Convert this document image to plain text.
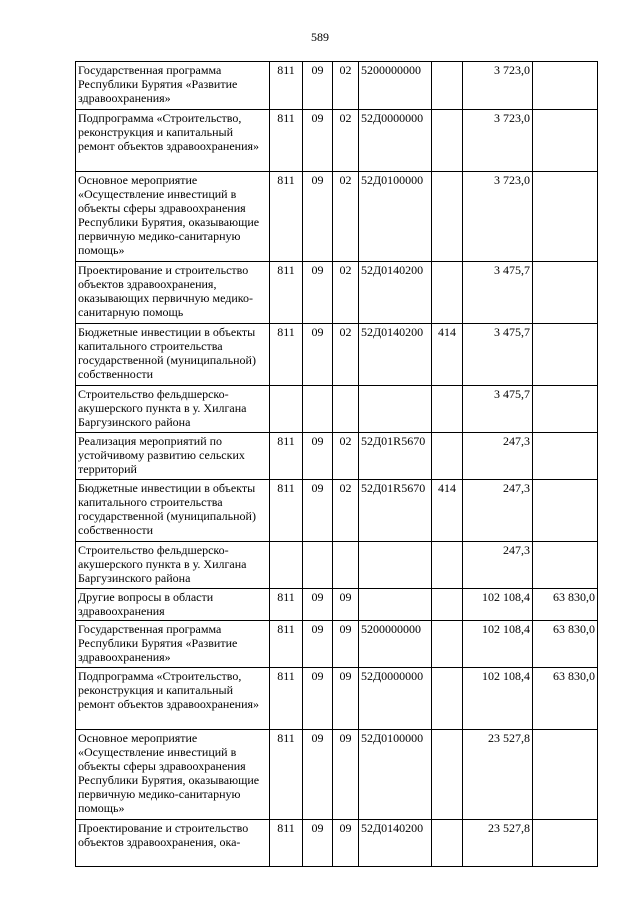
589
Государственная программа Республики Бурятия «Развитие здравоохранения»	811	09	02	5200000000		3 723,0	
Подпрограмма «Строительство, реконструкция и капитальный ремонт объектов здравоохранения»	811	09	02	52Д0000000		3 723,0	
Основное мероприятие «Осуществление инвестиций в объекты сферы здравоохранения Республики Бурятия, оказывающие первичную медико-санитарную помощь»	811	09	02	52Д0100000		3 723,0	
Проектирование и строительство объектов здравоохранения, оказывающих первичную медико-санитарную помощь	811	09	02	52Д0140200		3 475,7	
Бюджетные инвестиции в объекты капитального строительства государственной (муниципальной) собственности	811	09	02	52Д0140200	414	3 475,7	
Строительство фельдшерско-акушерского пункта в у. Хилгана Баргузинского района						3 475,7	
Реализация мероприятий по устойчивому развитию сельских территорий	811	09	02	52Д01R5670		247,3	
Бюджетные инвестиции в объекты капитального строительства государственной (муниципальной) собственности	811	09	02	52Д01R5670	414	247,3	
Строительство фельдшерско-акушерского пункта в у. Хилгана Баргузинского района						247,3	
Другие вопросы в области здравоохранения	811	09	09			102 108,4	63 830,0
Государственная программа Республики Бурятия «Развитие здравоохранения»	811	09	09	5200000000		102 108,4	63 830,0
Подпрограмма «Строительство, реконструкция и капитальный ремонт объектов здравоохранения»	811	09	09	52Д0000000		102 108,4	63 830,0
Основное мероприятие «Осуществление инвестиций в объекты сферы здравоохранения Республики Бурятия, оказывающие первичную медико-санитарную помощь»	811	09	09	52Д0100000		23 527,8	
Проектирование и строительство объектов здравоохранения, ока-	811	09	09	52Д0140200		23 527,8	
